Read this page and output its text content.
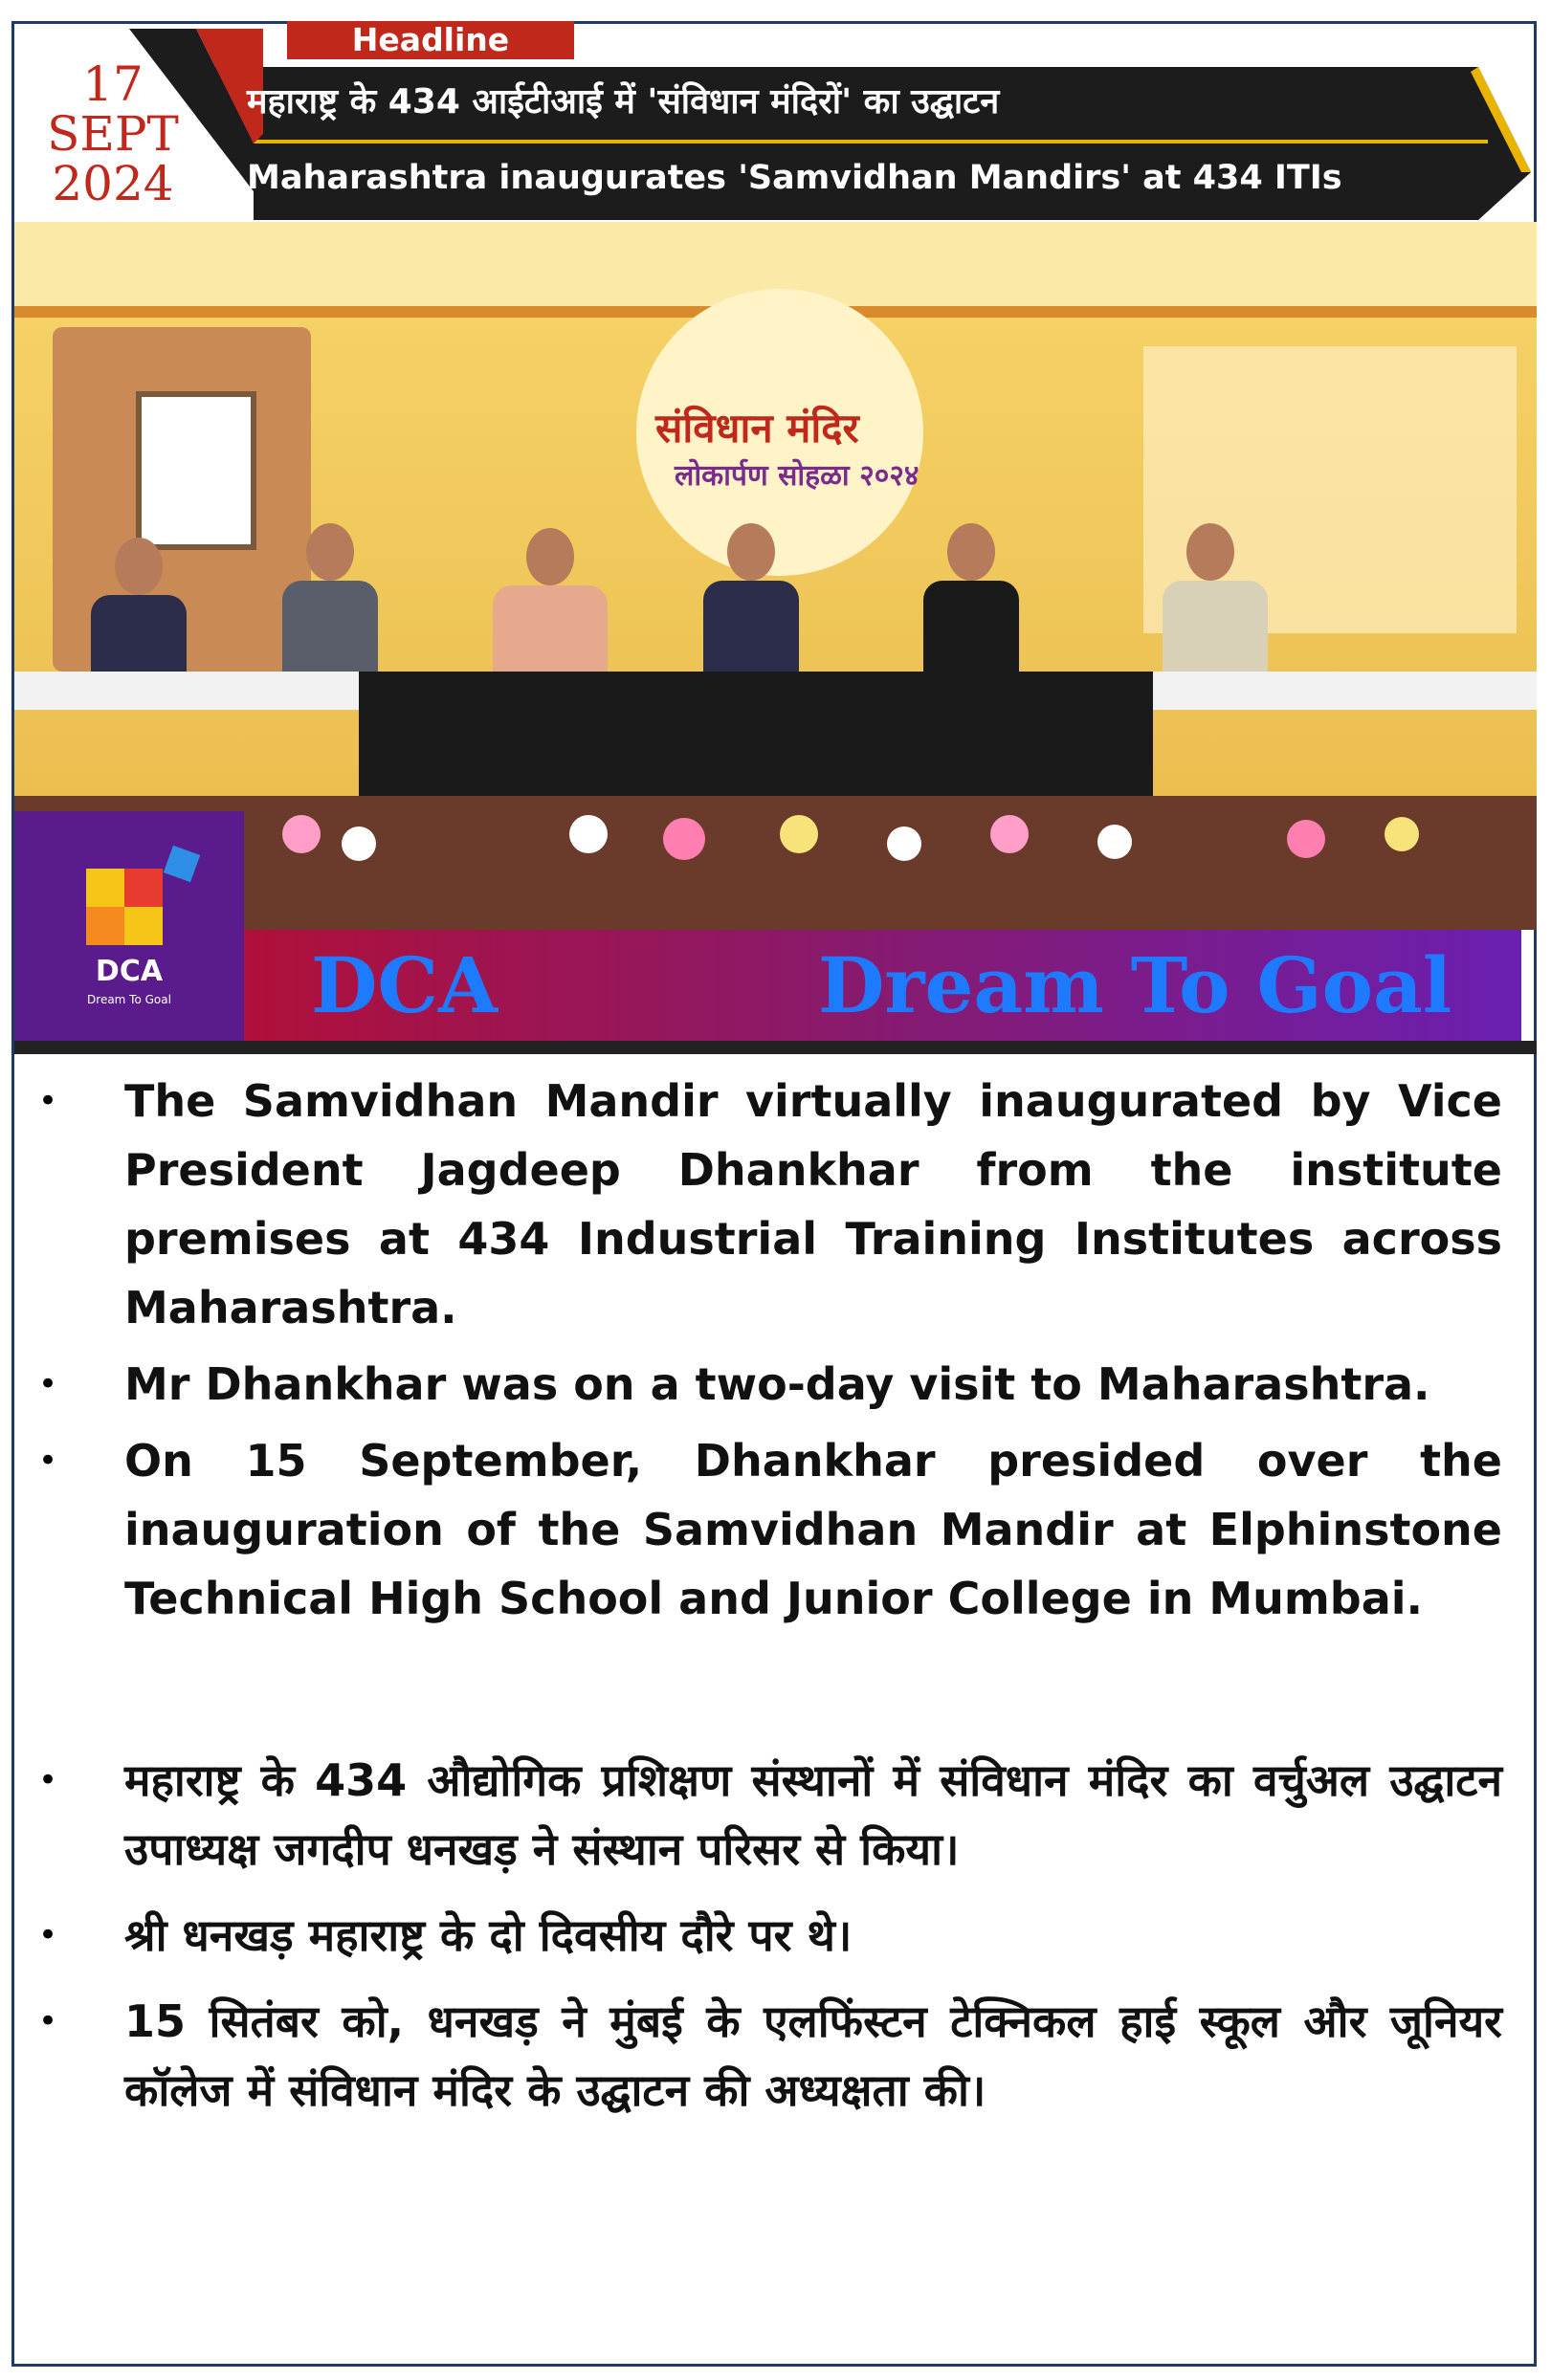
Headline
17
SEPT
2024
महाराष्ट्र के 434 आईटीआई में 'संविधान मंदिरों' का उद्घाटन
Maharashtra inaugurates 'Samvidhan Mandirs' at 434 ITIs
संविधान मंदिर
लोकार्पण सोहळा २०२४
DCA
Dream To Goal	DCA	Dream To Goal
•	The Samvidhan Mandir virtually inaugurated by Vice President Jagdeep Dhankhar from the institute premises at 434 Industrial Training Institutes across Maharashtra.
•	Mr Dhankhar was on a two-day visit to Maharashtra.
•	On 15 September, Dhankhar presided over the inauguration of the Samvidhan Mandir at Elphinstone Technical High School and Junior College in Mumbai.
•	महाराष्ट्र के 434 औद्योगिक प्रशिक्षण संस्थानों में संविधान मंदिर का वर्चुअल उद्घाटन उपाध्यक्ष जगदीप धनखड़ ने संस्थान परिसर से किया।
•	श्री धनखड़ महाराष्ट्र के दो दिवसीय दौरे पर थे।
•	15 सितंबर को, धनखड़ ने मुंबई के एलफिंस्टन टेक्निकल हाई स्कूल और जूनियर कॉलेज में संविधान मंदिर के उद्घाटन की अध्यक्षता की।
